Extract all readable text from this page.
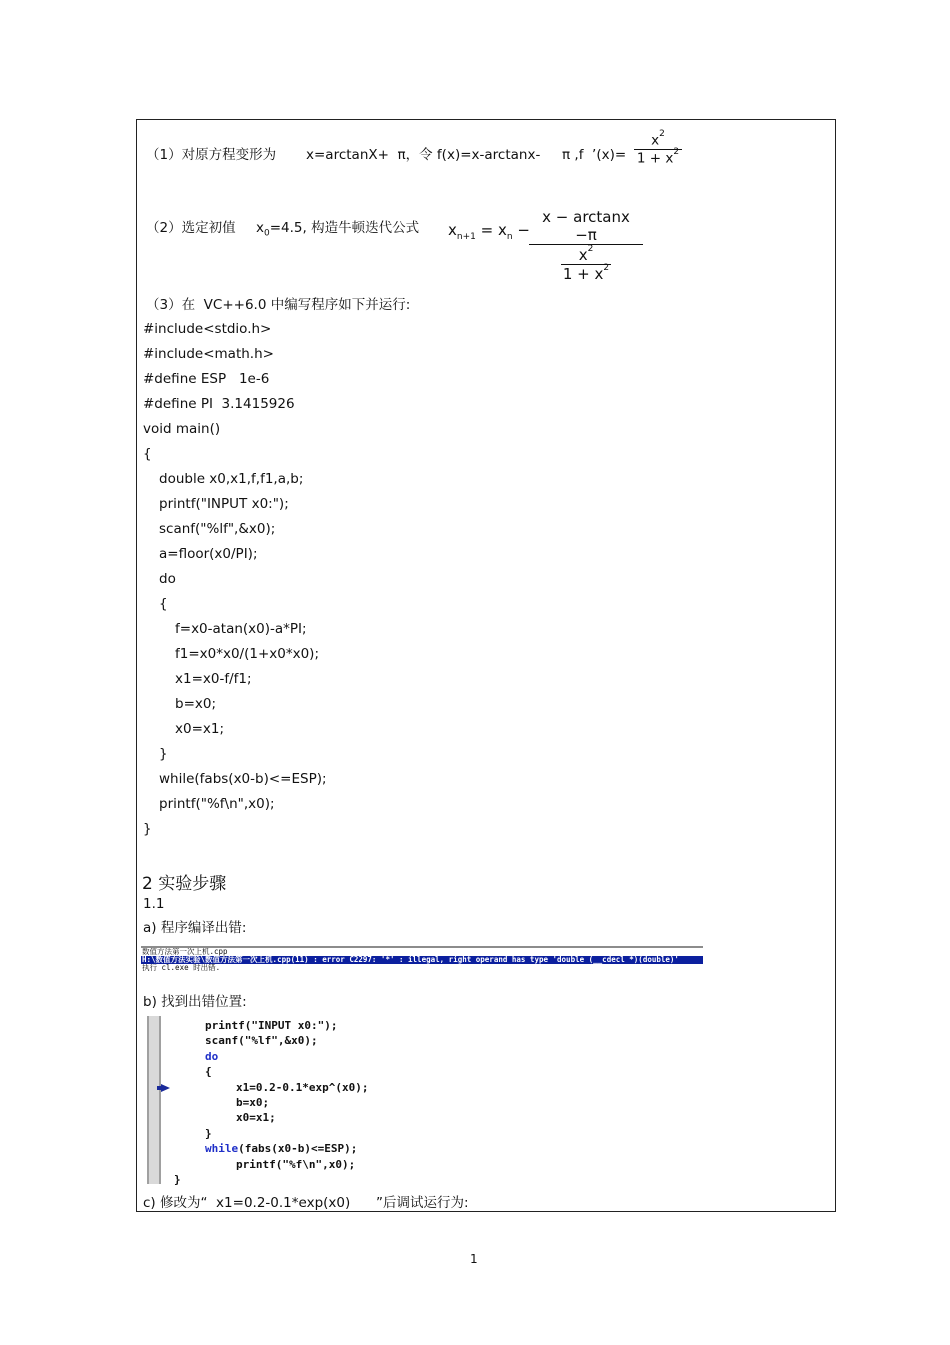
（1）对原方程变形为 x=arctanX+  π，令 f(x)=x-arctanx- π ,f  ’(x)= $\frac{x^2}{1 + x^2}$
（2）选定初值 $x_0=4.5$, 构造牛顿迭代公式 $x_{n+1} = x_n - \frac{x - \arctan x -\pi}{\frac{x^2}{1 + x^2}}$
（3）在  VC++6.0 中编写程序如下并运行:
#include<stdio.h>
#include<math.h>
#define ESP   1e-6
#define PI  3.1415926
void main()
{
double x0,x1,f,f1,a,b;
printf("INPUT x0:");
scanf("%lf",&x0);
a=floor(x0/PI);
do
{
f=x0-atan(x0)-a*PI;
f1=x0*x0/(1+x0*x0);
x1=x0-f/f1;
b=x0;
x0=x1;
}
while(fabs(x0-b)<=ESP);
printf("%f\n",x0);
}
2 实验步骤
1.1
a) 程序编译出错:
数值方法第一次上机.cpp
H:\数值方法实验\数值方法第一次上机.cpp(11) : error C2297: '*' : illegal, right operand has type 'double (__cdecl *)(double)'
执行 cl.exe 时出错.
b) 找到出错位置:
printf("INPUT x0:");
scanf("%lf",&x0);
do
{
x1=0.2-0.1*exp^(x0);
b=x0;
x0=x1;
}
while(fabs(x0-b)<=ESP);
printf("%f\n",x0);
}
c) 修改为“  x1=0.2-0.1*exp(x0)      ”后调试运行为:
1
